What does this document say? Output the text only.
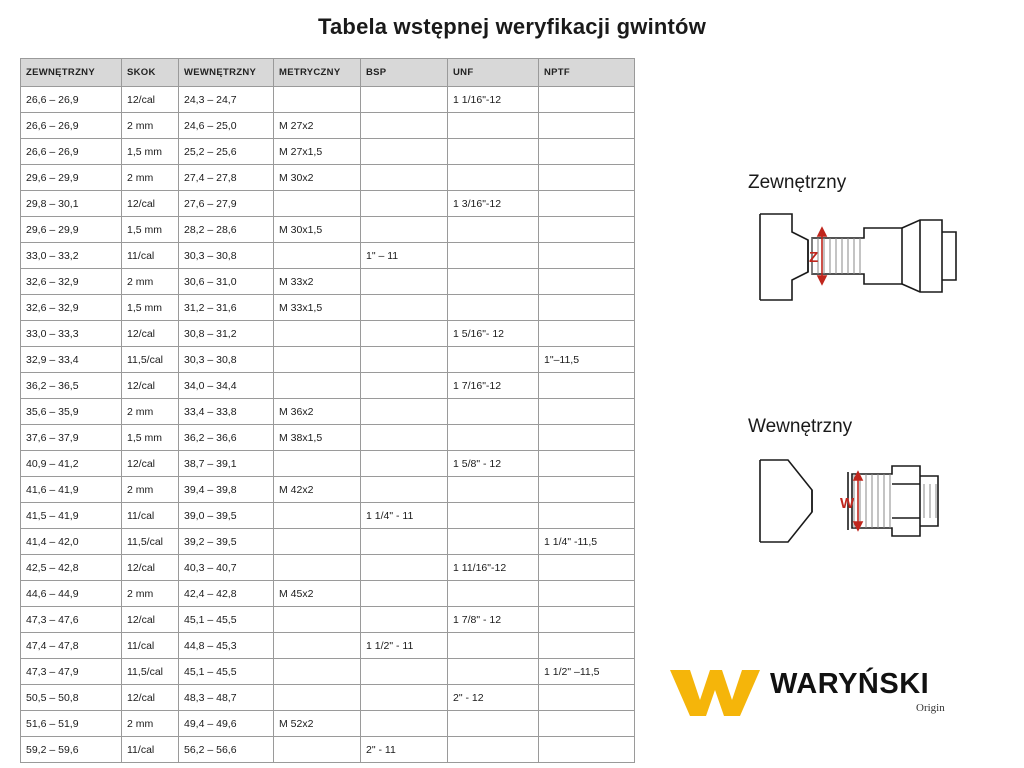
Tabela wstępnej weryfikacji gwintów
ZEWNĘTRZNY	SKOK	WEWNĘTRZNY	METRYCZNY	BSP	UNF	NPTF
26,6 – 26,9	12/cal	24,3 – 24,7			1 1/16"-12	
26,6 – 26,9	2 mm	24,6 – 25,0	M 27x2			
26,6 – 26,9	1,5 mm	25,2 – 25,6	M 27x1,5			
29,6 – 29,9	2 mm	27,4 – 27,8	M 30x2			
29,8 – 30,1	12/cal	27,6 – 27,9			1 3/16"-12	
29,6 – 29,9	1,5 mm	28,2 – 28,6	M 30x1,5			
33,0 – 33,2	11/cal	30,3 – 30,8		1" – 11		
32,6 – 32,9	2 mm	30,6 – 31,0	M 33x2			
32,6 – 32,9	1,5 mm	31,2 – 31,6	M 33x1,5			
33,0 – 33,3	12/cal	30,8 – 31,2			1 5/16"- 12	
32,9 – 33,4	11,5/cal	30,3 – 30,8				1"–11,5
36,2 – 36,5	12/cal	34,0 – 34,4			1 7/16"-12	
35,6 – 35,9	2 mm	33,4 – 33,8	M 36x2			
37,6 – 37,9	1,5 mm	36,2 – 36,6	M 38x1,5			
40,9 – 41,2	12/cal	38,7 – 39,1			1 5/8" - 12	
41,6 – 41,9	2 mm	39,4 – 39,8	M 42x2			
41,5 – 41,9	11/cal	39,0 – 39,5		1 1/4" - 11		
41,4 – 42,0	11,5/cal	39,2 – 39,5				1 1/4" -11,5
42,5 – 42,8	12/cal	40,3 – 40,7			1 11/16"-12	
44,6 – 44,9	2 mm	42,4 – 42,8	M 45x2			
47,3 – 47,6	12/cal	45,1 – 45,5			1 7/8" - 12	
47,4 – 47,8	11/cal	44,8 – 45,3		1 1/2" - 11		
47,3 – 47,9	11,5/cal	45,1 – 45,5				1 1/2" –11,5
50,5 – 50,8	12/cal	48,3 – 48,7			2" - 12	
51,6 – 51,9	2 mm	49,4 – 49,6	M 52x2			
59,2 – 59,6	11/cal	56,2 – 56,6		2" - 11		
Zewnętrzny
Z
Wewnętrzny
W
WARYŃSKI
Origin
